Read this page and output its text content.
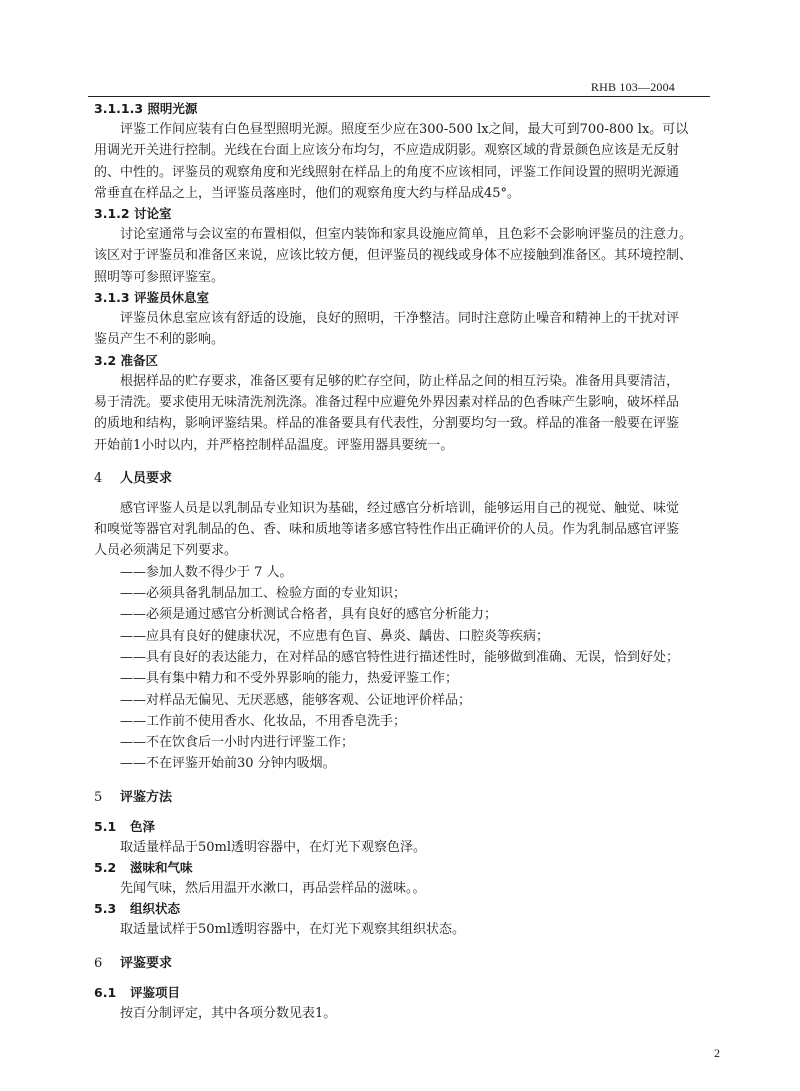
RHB 103—2004
3.1.1.3 照明光源
评鉴工作间应装有白色昼型照明光源。照度至少应在300-500 lx之间，最大可到700-800 lx。可以
用调光开关进行控制。光线在台面上应该分布均匀，不应造成阴影。观察区域的背景颜色应该是无反射
的、中性的。评鉴员的观察角度和光线照射在样品上的角度不应该相同，评鉴工作间设置的照明光源通
常垂直在样品之上，当评鉴员落座时，他们的观察角度大约与样品成45°。
3.1.2 讨论室
讨论室通常与会议室的布置相似，但室内装饰和家具设施应简单，且色彩不会影响评鉴员的注意力。
该区对于评鉴员和准备区来说，应该比较方便，但评鉴员的视线或身体不应接触到准备区。其环境控制、
照明等可参照评鉴室。
3.1.3 评鉴员休息室
评鉴员休息室应该有舒适的设施，良好的照明，干净整洁。同时注意防止噪音和精神上的干扰对评
鉴员产生不利的影响。
3.2 准备区
根据样品的贮存要求，准备区要有足够的贮存空间，防止样品之间的相互污染。准备用具要清洁，
易于清洗。要求使用无味清洗剂洗涤。准备过程中应避免外界因素对样品的色香味产生影响，破坏样品
的质地和结构，影响评鉴结果。样品的准备要具有代表性，分割要均匀一致。样品的准备一般要在评鉴
开始前1小时以内，并严格控制样品温度。评鉴用器具要统一。
4 人员要求
感官评鉴人员是以乳制品专业知识为基础，经过感官分析培训，能够运用自己的视觉、触觉、味觉
和嗅觉等器官对乳制品的色、香、味和质地等诸多感官特性作出正确评价的人员。作为乳制品感官评鉴
人员必须满足下列要求。
——参加人数不得少于 7 人。
——必须具备乳制品加工、检验方面的专业知识；
——必须是通过感官分析测试合格者，具有良好的感官分析能力；
——应具有良好的健康状况，不应患有色盲、鼻炎、龋齿、口腔炎等疾病；
——具有良好的表达能力，在对样品的感官特性进行描述性时，能够做到准确、无误，恰到好处；
——具有集中精力和不受外界影响的能力，热爱评鉴工作；
——对样品无偏见、无厌恶感，能够客观、公证地评价样品；
——工作前不使用香水、化妆品，不用香皂洗手；
——不在饮食后一小时内进行评鉴工作；
——不在评鉴开始前30 分钟内吸烟。
5 评鉴方法
5.1 色泽
取适量样品于50ml透明容器中，在灯光下观察色泽。
5.2 滋味和气味
先闻气味，然后用温开水漱口，再品尝样品的滋味。。
5.3 组织状态
取适量试样于50ml透明容器中，在灯光下观察其组织状态。
6 评鉴要求
6.1 评鉴项目
按百分制评定，其中各项分数见表1。
2
